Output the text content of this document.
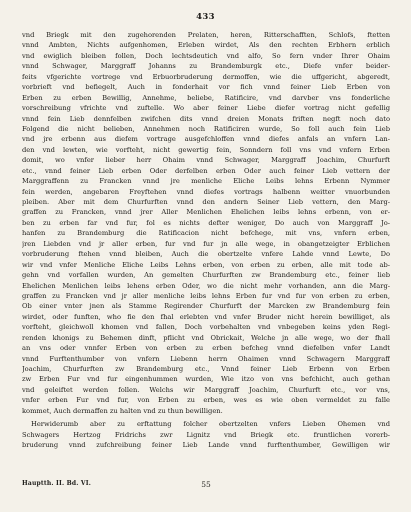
433
vnd Briegk mit den zugehorenden Prelaten, heren, Ritterschafften, Schlofs, ftetten
vnnd Ambten, Nichts aufgenhomen, Erleben wirdet, Als den rechten Erbhern erblich
vnd ewiglich bleiben follen, Doch lechtsdeutich vnd alfo, So fern vnder Ihrer Ohaim
vnnd Schwager, Marggraff Johanns zu Brandemburgk etc., Diefe vnfer beider-
feits vfgerichte vortrege vnd Erbuorbruderung dermoffen, wie die uffgericht, abgeredt,
vorbrieft vnd befiegelt, Auch in fonderhait vor fich vnnd feiner Lieb Erben von
Erben zu erben Bewillig, Annehme, beliebe, Ratificire, vnd darvber vns fonderliche
vorschreibung vfrichte vnd zuftelle. Wo aber feiner Liebe diefer vortrag nicht gefellig
vnnd fein Lieb dennfelben zwifchen dits vnnd dreien Monats friften negft noch dato
Folgend die nicht belieben, Annehmen noch Ratificiren wurde, So foll auch fein Lieb
vnd jre erbenn aus diefem vortrage ausgefchloffen vnnd diefes anfals an vnfern Lan-
den vnd lewten, wie vorfteht, nicht gewertig fein, Sonndern foll vns vnd vnfern Erben
domit, wo vnfer lieber herr Ohaim vnnd Schwager, Marggraff Joachim, Churfurft
etc., vnnd feiner Lieb erben Oder derfelben erben Oder auch feiner Lieb vettern der
Marggraffenn zu Francken vnnd jre menliche Eliche Leibs lehns Erbenn Nymmer
fein werden, angebaren Freyftehen vnnd diefes vortrags halbenn weitter vnuorbunden
pleiben. Aber mit dem Churfurften vnnd den andern Seiner Lieb vettern, den Marg-
graffen zu Francken, vnnd jrer Aller Menlichen Ehelichen leibs lehns erbenn, von er-
ben zu erben far vnd fur, fol es nichts defter weniger, Do auch von Marggraff Jo-
hanfen zu Brandemburg die Ratificacion nicht befchege, mit vns, vnfern erben,
jren Liebden vnd jr aller erben, fur vnd fur jn alle wege, in obangetzeigter Erblichen
vorbruderung ftehen vnnd bleiben, Auch die obertzelte vnfere Lahde vnnd Lewte, Do
wir vnd vnfer Menliche Eliche Leibs Lehns erben, von erben zu erben, alle mit tode ab-
gehn vnd vorfallen wurden, An gemelten Churfurften zw Brandemburg etc., feiner lieb
Ehelichen Menlichen leibs lehens erben Oder, wo die nicht mehr vorhanden, ann die Marg-
graffen zu Francken vnd jr aller menliche leibs lehns Erben fur vnd fur von erben zu erben,
Ob einer vnter jnen als Stamme Regirender Churfurft der Marcken zw Brandemburg fein
wirdet, oder funften, who fie den fhal erlebten vnd vnfer Bruder nicht herein bewilliget, als
vorfteht, gleichwoll khomen vnd fallen, Doch vorbehalten vnd vnbegeben keins yden Regi-
renden khonigs zu Behemen dinft, pflicht vnd Obrickait, Welche jn alle wege, wo der fhall
an vns oder vnnfer Erben von erben zu erben befcheg vnnd diefelben vnfer Landt
vnnd Furftenthumber von vnfern Liebenn herrn Ohaimen vnnd Schwagern Marggraff
Joachim, Churfurften zw Brandemburg etc., Vnnd feiner Lieb Erbenn von Erben
zw Erben Fur vnd fur eingenhummen wurden, Wie itzo von vns befchicht, auch gethan
vnd geleiftet werden follen. Welchs wir Marggraff Joachim, Churfurft etc., vor vns,
vnfer erben Fur vnd fur, von Erben zu erben, wes es wie oben vermeldet zu falle
kommet, Auch dermaffen zu halten vnd zu thun bewilligen.
Herwiderumb aber zu erftattung folcher obertzelten vnfers Lieben Ohemen vnd
Schwagers Hertzog Fridrichs zwr Lignitz vnd Briegk etc. fruntlichen vorerb-
bruderung vnnd zufchreibung feiner Lieb Lande vnnd furftenthumber, Gewilligen wir
Hauptth. II. Bd. VI.	55
